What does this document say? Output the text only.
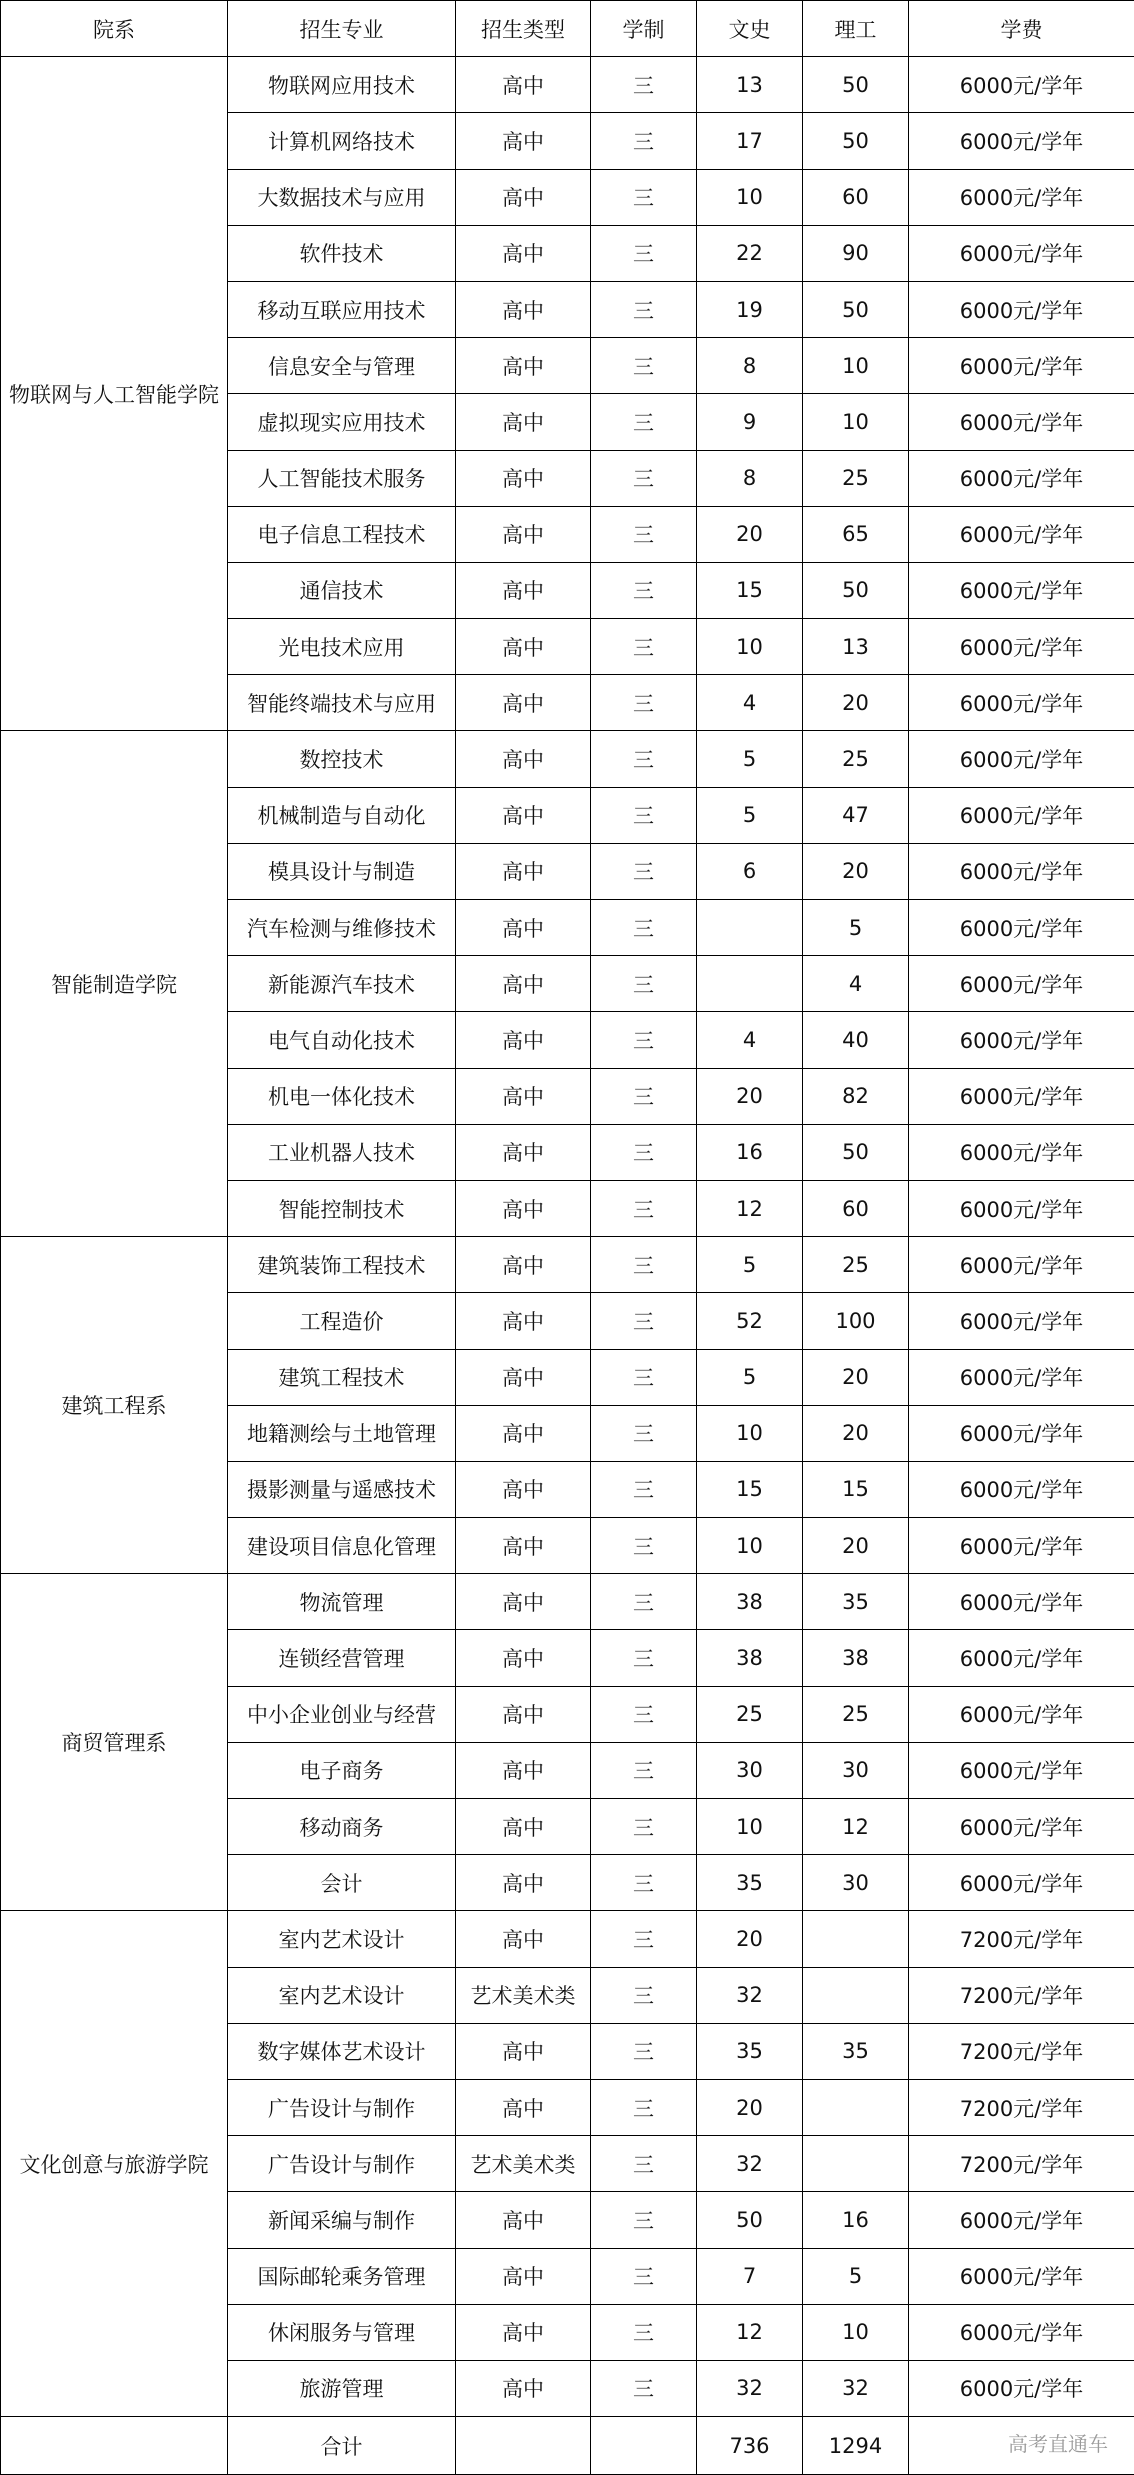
院系	招生专业	招生类型	学制	文史	理工	学费
物联网与人工智能学院	物联网应用技术	高中	三	13	50	6000元/学年
	计算机网络技术	高中	三	17	50	6000元/学年
	大数据技术与应用	高中	三	10	60	6000元/学年
	软件技术	高中	三	22	90	6000元/学年
	移动互联应用技术	高中	三	19	50	6000元/学年
	信息安全与管理	高中	三	8	10	6000元/学年
	虚拟现实应用技术	高中	三	9	10	6000元/学年
	人工智能技术服务	高中	三	8	25	6000元/学年
	电子信息工程技术	高中	三	20	65	6000元/学年
	通信技术	高中	三	15	50	6000元/学年
	光电技术应用	高中	三	10	13	6000元/学年
	智能终端技术与应用	高中	三	4	20	6000元/学年
智能制造学院	数控技术	高中	三	5	25	6000元/学年
	机械制造与自动化	高中	三	5	47	6000元/学年
	模具设计与制造	高中	三	6	20	6000元/学年
	汽车检测与维修技术	高中	三		5	6000元/学年
	新能源汽车技术	高中	三		4	6000元/学年
	电气自动化技术	高中	三	4	40	6000元/学年
	机电一体化技术	高中	三	20	82	6000元/学年
	工业机器人技术	高中	三	16	50	6000元/学年
	智能控制技术	高中	三	12	60	6000元/学年
建筑工程系	建筑装饰工程技术	高中	三	5	25	6000元/学年
	工程造价	高中	三	52	100	6000元/学年
	建筑工程技术	高中	三	5	20	6000元/学年
	地籍测绘与土地管理	高中	三	10	20	6000元/学年
	摄影测量与遥感技术	高中	三	15	15	6000元/学年
	建设项目信息化管理	高中	三	10	20	6000元/学年
商贸管理系	物流管理	高中	三	38	35	6000元/学年
	连锁经营管理	高中	三	38	38	6000元/学年
	中小企业创业与经营	高中	三	25	25	6000元/学年
	电子商务	高中	三	30	30	6000元/学年
	移动商务	高中	三	10	12	6000元/学年
	会计	高中	三	35	30	6000元/学年
文化创意与旅游学院	室内艺术设计	高中	三	20		7200元/学年
	室内艺术设计	艺术美术类	三	32		7200元/学年
	数字媒体艺术设计	高中	三	35	35	7200元/学年
	广告设计与制作	高中	三	20		7200元/学年
	广告设计与制作	艺术美术类	三	32		7200元/学年
	新闻采编与制作	高中	三	50	16	6000元/学年
	国际邮轮乘务管理	高中	三	7	5	6000元/学年
	休闲服务与管理	高中	三	12	10	6000元/学年
	旅游管理	高中	三	32	32	6000元/学年
	合计			736	1294		高考直通车
